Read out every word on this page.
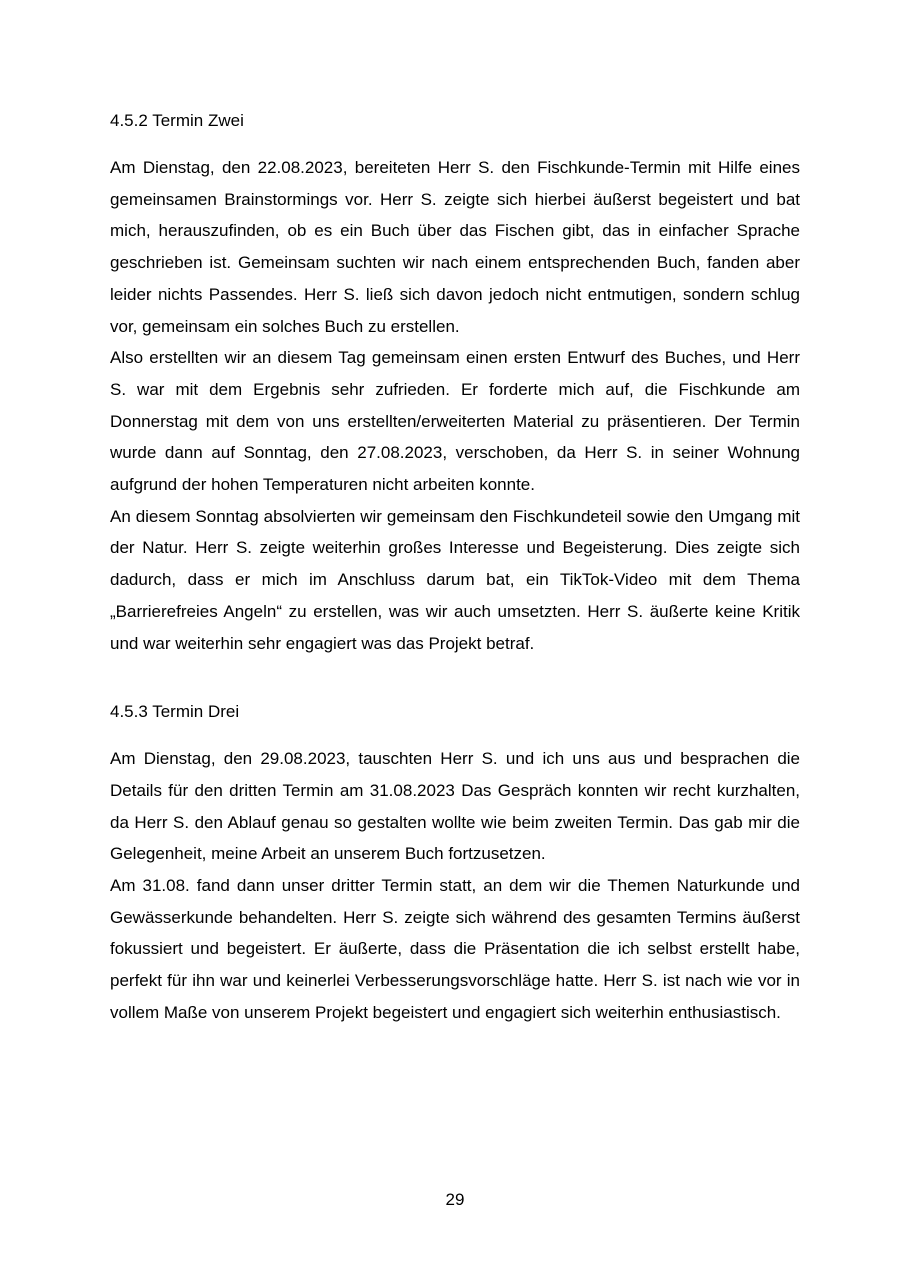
4.5.2 Termin Zwei

Am Dienstag, den 22.08.2023, bereiteten Herr S. den Fischkunde-Termin mit Hilfe eines gemeinsamen Brainstormings vor. Herr S. zeigte sich hierbei äußerst begeistert und bat mich, herauszufinden, ob es ein Buch über das Fischen gibt, das in einfacher Sprache geschrieben ist. Gemeinsam suchten wir nach einem entsprechenden Buch, fanden aber leider nichts Passendes. Herr S. ließ sich davon jedoch nicht entmutigen, sondern schlug vor, gemeinsam ein solches Buch zu erstellen.

Also erstellten wir an diesem Tag gemeinsam einen ersten Entwurf des Buches, und Herr S. war mit dem Ergebnis sehr zufrieden. Er forderte mich auf, die Fischkunde am Donnerstag mit dem von uns erstellten/erweiterten Material zu präsentieren. Der Termin wurde dann auf Sonntag, den 27.08.2023, verschoben, da Herr S. in seiner Wohnung aufgrund der hohen Temperaturen nicht arbeiten konnte.

An diesem Sonntag absolvierten wir gemeinsam den Fischkundeteil sowie den Umgang mit der Natur. Herr S. zeigte weiterhin großes Interesse und Begeisterung. Dies zeigte sich dadurch, dass er mich im Anschluss darum bat, ein TikTok-Video mit dem Thema „Barrierefreies Angeln“ zu erstellen, was wir auch umsetzten. Herr S. äußerte keine Kritik und war weiterhin sehr engagiert was das Projekt betraf.

4.5.3 Termin Drei

Am Dienstag, den 29.08.2023, tauschten Herr S. und ich uns aus und besprachen die Details für den dritten Termin am 31.08.2023 Das Gespräch konnten wir recht kurzhalten, da Herr S. den Ablauf genau so gestalten wollte wie beim zweiten Termin. Das gab mir die Gelegenheit, meine Arbeit an unserem Buch fortzusetzen.

Am 31.08. fand dann unser dritter Termin statt, an dem wir die Themen Naturkunde und Gewässerkunde behandelten. Herr S. zeigte sich während des gesamten Termins äußerst fokussiert und begeistert. Er äußerte, dass die Präsentation die ich selbst erstellt habe, perfekt für ihn war und keinerlei Verbesserungsvorschläge hatte. Herr S. ist nach wie vor in vollem Maße von unserem Projekt begeistert und engagiert sich weiterhin enthusiastisch.

29
